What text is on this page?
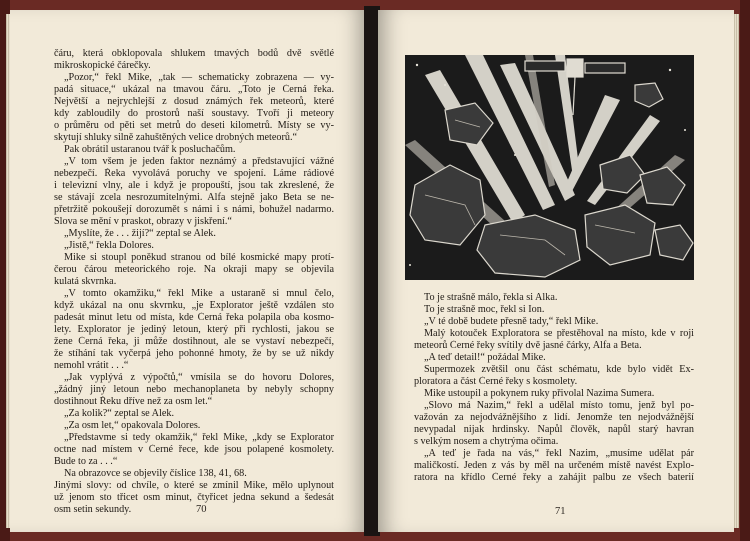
čáru, která obklopovala shlukem tmavých bodů dvě světlé
mikroskopické čárečky.
„Pozor,“ řekl Mike, „tak — schematicky zobrazena — vy-
padá situace,“ ukázal na tmavou čáru. „Toto je Černá řeka.
Největší a nejrychlejší z dosud známých řek meteorů, které
kdy zabloudily do prostorů naší soustavy. Tvoří ji meteory
o průměru od pěti set metrů do deseti kilometrů. Místy se vy-
skytují shluky silně zahuštěných velice drobných meteorů.“
Pak obrátil ustaranou tvář k posluchačům.
„V tom všem je jeden faktor neznámý a představující vážné
nebezpečí. Řeka vyvolává poruchy ve spojení. Láme rádiové
i televizní vlny, ale i když je propouští, jsou tak zkreslené, že
se stávají zcela nesrozumitelnými. Alfa stejně jako Beta se ne-
přetržitě pokoušejí dorozumět s námi i s námi, bohužel nadarmo.
Slova se mění v praskot, obrazy v jiskření.“
„Myslíte, že . . . žijí?“ zeptal se Alek.
„Jistě,“ řekla Dolores.
Mike si stoupl poněkud stranou od bílé kosmické mapy protí-
čerou čárou meteorického roje. Na okraji mapy se objevila
kulatá skvrnka.
„V tomto okamžiku,“ řekl Mike a ustaraně si mnul čelo,
když ukázal na onu skvrnku, „je Explorator ještě vzdálen sto
padesát minut letu od místa, kde Černá řeka polapila oba kosmo-
lety. Explorator je jediný letoun, který při rychlosti, jakou se
žene Černá řeka, ji může dostihnout, ale se vystaví nebezpečí,
že stíhání tak vyčerpá jeho pohonné hmoty, že by se už nikdy
nemohl vrátit . . .“
„Jak vyplývá z výpočtů,“ vmísila se do hovoru Dolores,
„žádný jiný letoun nebo mechanoplaneta by nebyly schopny
dostihnout Řeku dříve než za osm let.“
„Za kolik?“ zeptal se Alek.
„Za osm let,“ opakovala Dolores.
„Představme si tedy okamžik,“ řekl Mike, „kdy se Explorator
octne nad místem v Černé řece, kde jsou polapené kosmolety.
Bude to za . . .“
Na obrazovce se objevily číslice 138, 41, 68.
Jinými slovy: od chvíle, o které se zmínil Mike, mělo uplynout
už jenom sto třicet osm minut, čtyřicet jedna sekund a šedesát
osm setin sekundy.	70
To je strašně málo, řekla si Alka.
To je strašně moc, řekl si Ion.
„V té době budete přesně tady,“ řekl Mike.
Malý kotouček Exploratora se přestěhoval na místo, kde v roji
meteorů Černé řeky svítily dvě jasné čárky, Alfa a Beta.
„A teď detail!“ požádal Mike.
Supermozek zvětšil onu část schématu, kde bylo vidět Ex-
ploratora a část Černé řeky s kosmolety.
Mike ustoupil a pokynem ruky přivolal Nazima Sumera.
„Slovo má Nazim,“ řekl a udělal místo tomu, jenž byl po-
važován za nejodvážnějšího z lidí. Jenomže ten nejodvážnější
nevypadal nijak hrdinsky. Napůl člověk, napůl starý havran
s velkým nosem a chytrýma očima.
„A teď je řada na vás,“ řekl Nazim, „musíme udělat pár
maličkostí. Jeden z vás by měl na určeném místě navést Explo-
ratora na křídlo Černé řeky a zahájit palbu ze všech baterií
71
